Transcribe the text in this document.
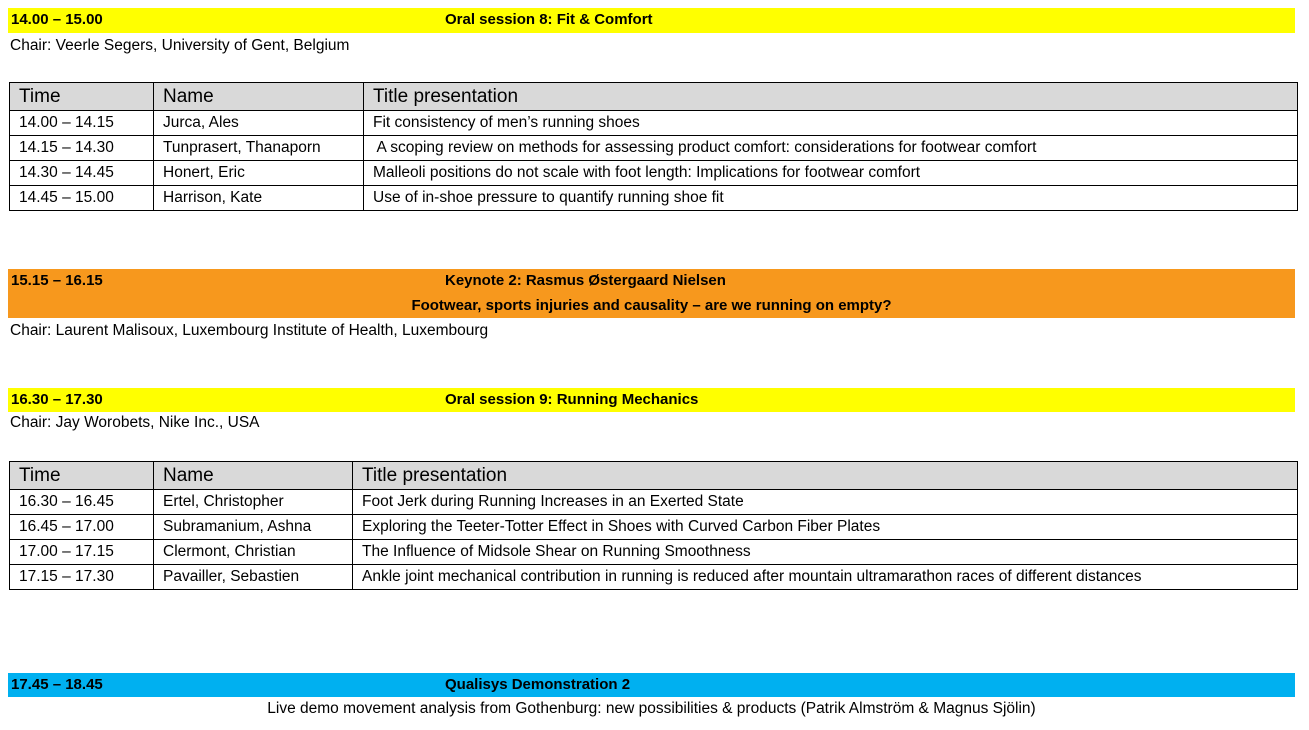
14.00 – 15.00	Oral session 8: Fit & Comfort
Chair: Veerle Segers, University of Gent, Belgium
Time	Name	Title presentation
14.00 – 14.15	Jurca, Ales	Fit consistency of men’s running shoes
14.15 – 14.30	Tunprasert, Thanaporn	A scoping review on methods for assessing product comfort: considerations for footwear comfort
14.30 – 14.45	Honert, Eric	Malleoli positions do not scale with foot length: Implications for footwear comfort
14.45 – 15.00	Harrison, Kate	Use of in-shoe pressure to quantify running shoe fit
15.15 – 16.15	Keynote 2: Rasmus Østergaard Nielsen
Footwear, sports injuries and causality – are we running on empty?
Chair: Laurent Malisoux, Luxembourg Institute of Health, Luxembourg
16.30 – 17.30	Oral session 9: Running Mechanics
Chair: Jay Worobets, Nike Inc., USA
Time	Name	Title presentation
16.30 – 16.45	Ertel, Christopher	Foot Jerk during Running Increases in an Exerted State
16.45 – 17.00	Subramanium, Ashna	Exploring the Teeter-Totter Effect in Shoes with Curved Carbon Fiber Plates
17.00 – 17.15	Clermont, Christian	The Influence of Midsole Shear on Running Smoothness
17.15 – 17.30	Pavailler, Sebastien	Ankle joint mechanical contribution in running is reduced after mountain ultramarathon races of different distances
17.45 – 18.45	Qualisys Demonstration 2
Live demo movement analysis from Gothenburg: new possibilities & products (Patrik Almström & Magnus Sjölin)
